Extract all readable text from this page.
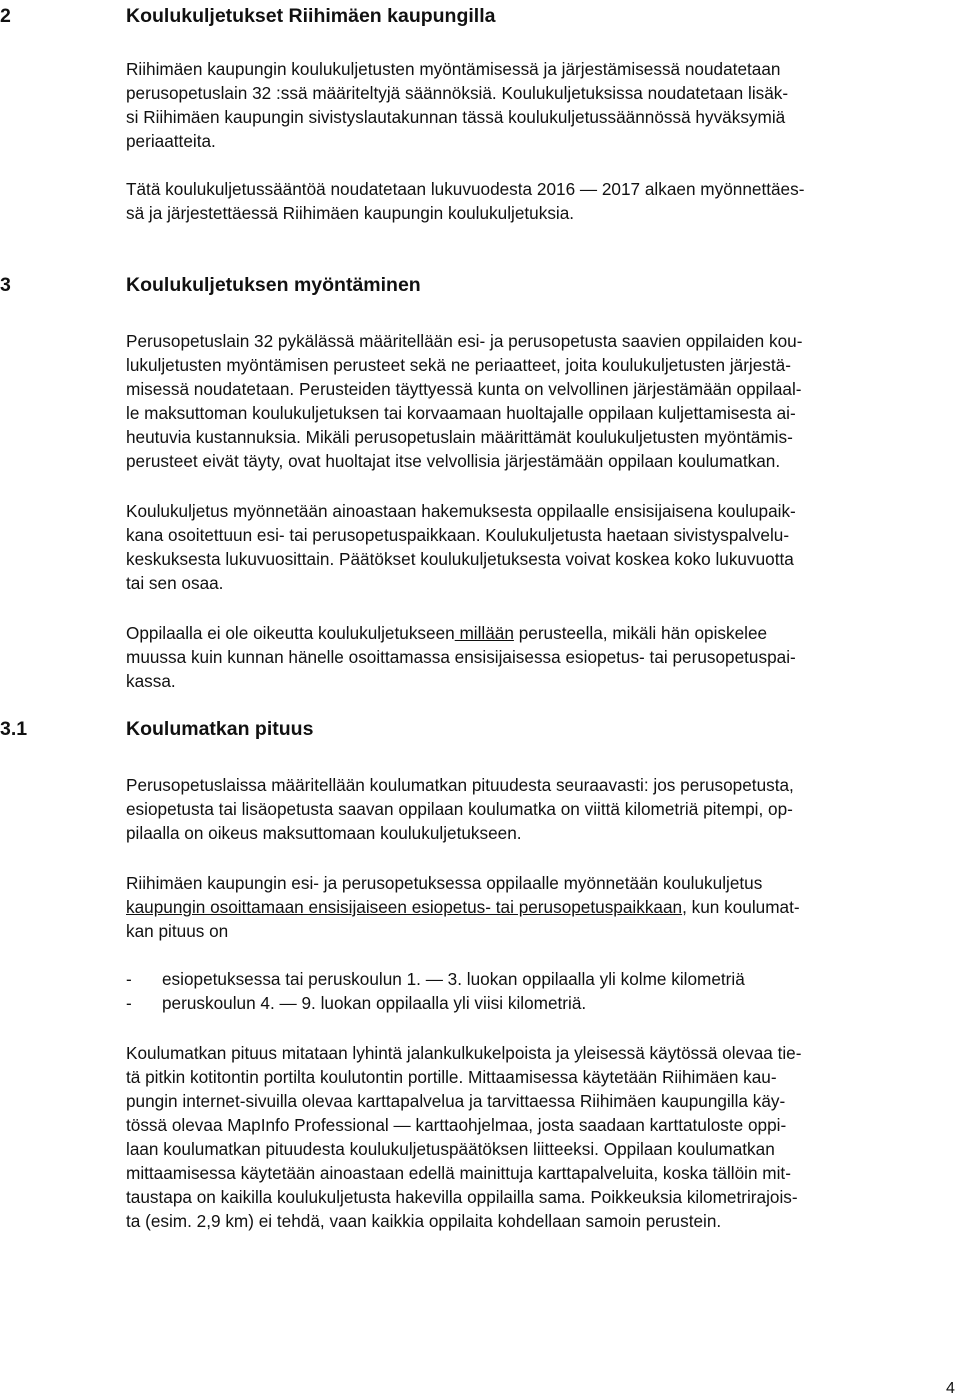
2	Koulukuljetukset Riihimäen kaupungilla
Riihimäen kaupungin koulukuljetusten myöntämisessä ja järjestämisessä noudatetaan
perusopetuslain 32 :ssä määriteltyjä säännöksiä. Koulukuljetuksissa noudatetaan lisäk-
si Riihimäen kaupungin sivistyslautakunnan tässä koulukuljetussäännössä hyväksymiä
periaatteita.
Tätä koulukuljetussääntöä noudatetaan lukuvuodesta 2016 — 2017 alkaen myönnettäes-
sä ja järjestettäessä Riihimäen kaupungin koulukuljetuksia.
3	Koulukuljetuksen myöntäminen
Perusopetuslain 32 pykälässä määritellään esi- ja perusopetusta saavien oppilaiden kou-
lukuljetusten myöntämisen perusteet sekä ne periaatteet, joita koulukuljetusten järjestä-
misessä noudatetaan. Perusteiden täyttyessä kunta on velvollinen järjestämään oppilaal-
le maksuttoman koulukuljetuksen tai korvaamaan huoltajalle oppilaan kuljettamisesta ai-
heutuvia kustannuksia. Mikäli perusopetuslain määrittämät koulukuljetusten myöntämis-
perusteet eivät täyty, ovat huoltajat itse velvollisia järjestämään oppilaan koulumatkan.
Koulukuljetus myönnetään ainoastaan hakemuksesta oppilaalle ensisijaisena koulupaik-
kana osoitettuun esi- tai perusopetuspaikkaan. Koulukuljetusta haetaan sivistyspalvelu-
keskuksesta lukuvuosittain. Päätökset koulukuljetuksesta voivat koskea koko lukuvuotta
tai sen osaa.
Oppilaalla ei ole oikeutta koulukuljetukseen millään perusteella, mikäli hän opiskelee
muussa kuin kunnan hänelle osoittamassa ensisijaisessa esiopetus- tai perusopetuspai-
kassa.
3.1	Koulumatkan pituus
Perusopetuslaissa määritellään koulumatkan pituudesta seuraavasti: jos perusopetusta,
esiopetusta tai lisäopetusta saavan oppilaan koulumatka on viittä kilometriä pitempi, op-
pilaalla on oikeus maksuttomaan koulukuljetukseen.
Riihimäen kaupungin esi- ja perusopetuksessa oppilaalle myönnetään koulukuljetus
kaupungin osoittamaan ensisijaiseen esiopetus- tai perusopetuspaikkaan, kun koulumat-
kan pituus on
- esiopetuksessa tai peruskoulun 1. — 3. luokan oppilaalla yli kolme kilometriä
- peruskoulun 4. — 9. luokan oppilaalla yli viisi kilometriä.
Koulumatkan pituus mitataan lyhintä jalankulkukelpoista ja yleisessä käytössä olevaa tie-
tä pitkin kotitontin portilta koulutontin portille. Mittaamisessa käytetään Riihimäen kau-
pungin internet-sivuilla olevaa karttapalvelua ja tarvittaessa Riihimäen kaupungilla käy-
tössä olevaa MapInfo Professional — karttaohjelmaa, josta saadaan karttatuloste oppi-
laan koulumatkan pituudesta koulukuljetuspäätöksen liitteeksi. Oppilaan koulumatkan
mittaamisessa käytetään ainoastaan edellä mainittuja karttapalveluita, koska tällöin mit-
taustapa on kaikilla koulukuljetusta hakevilla oppilailla sama. Poikkeuksia kilometrirajois-
ta (esim. 2,9 km) ei tehdä, vaan kaikkia oppilaita kohdellaan samoin perustein.
4
